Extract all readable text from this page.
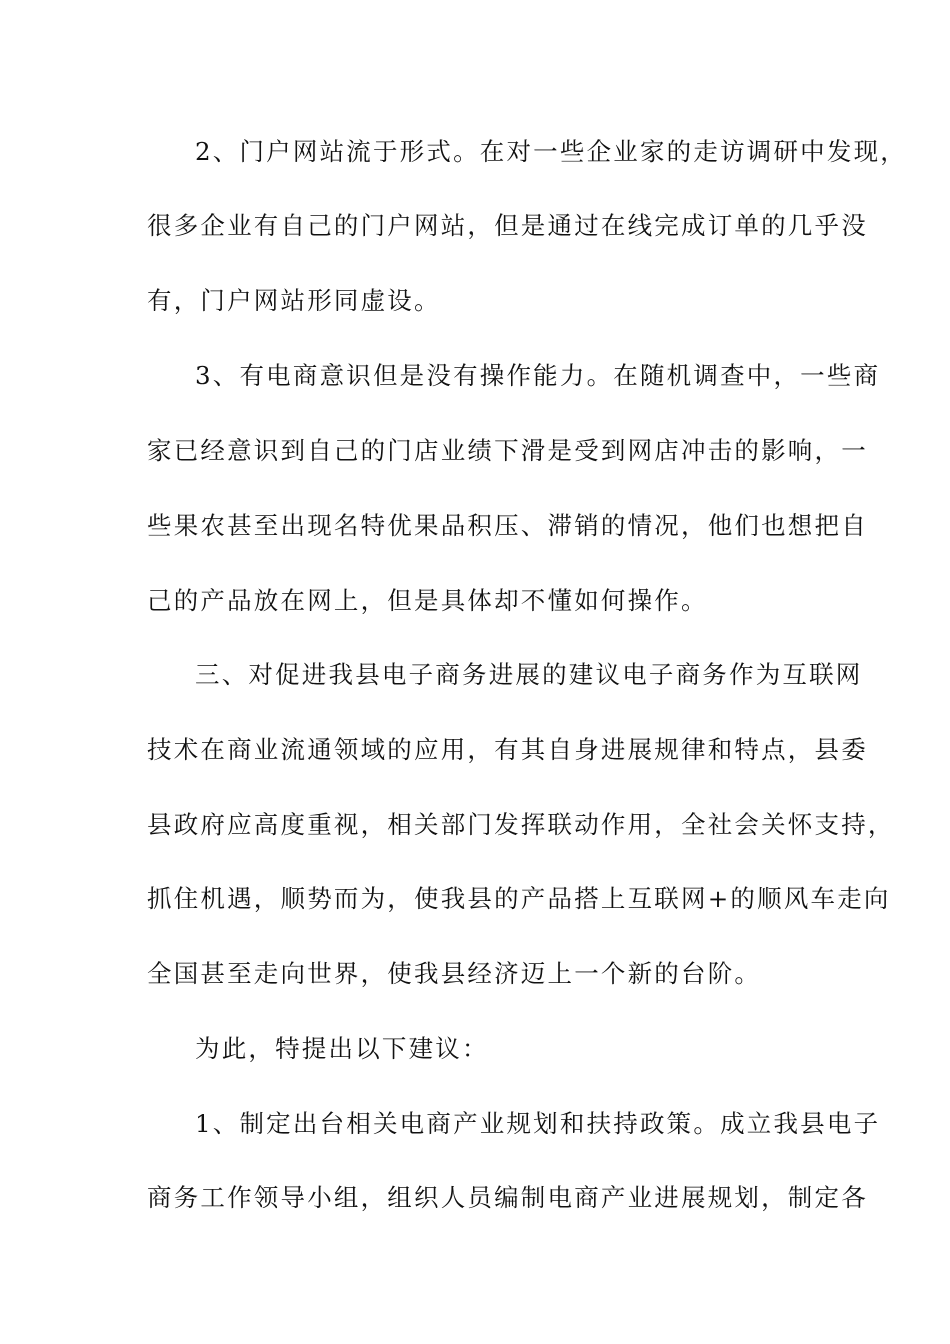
2、门户网站流于形式。在对一些企业家的走访调研中发现，
很多企业有自己的门户网站，但是通过在线完成订单的几乎没
有，门户网站形同虚设。
3、有电商意识但是没有操作能力。在随机调查中，一些商
家已经意识到自己的门店业绩下滑是受到网店冲击的影响，一
些果农甚至出现名特优果品积压、滞销的情况，他们也想把自
己的产品放在网上，但是具体却不懂如何操作。
三、对促进我县电子商务进展的建议电子商务作为互联网
技术在商业流通领域的应用，有其自身进展规律和特点，县委
县政府应高度重视，相关部门发挥联动作用，全社会关怀支持，
抓住机遇，顺势而为，使我县的产品搭上互联网+的顺风车走向
全国甚至走向世界，使我县经济迈上一个新的台阶。
为此，特提出以下建议：
1、制定出台相关电商产业规划和扶持政策。成立我县电子
商务工作领导小组，组织人员编制电商产业进展规划，制定各
